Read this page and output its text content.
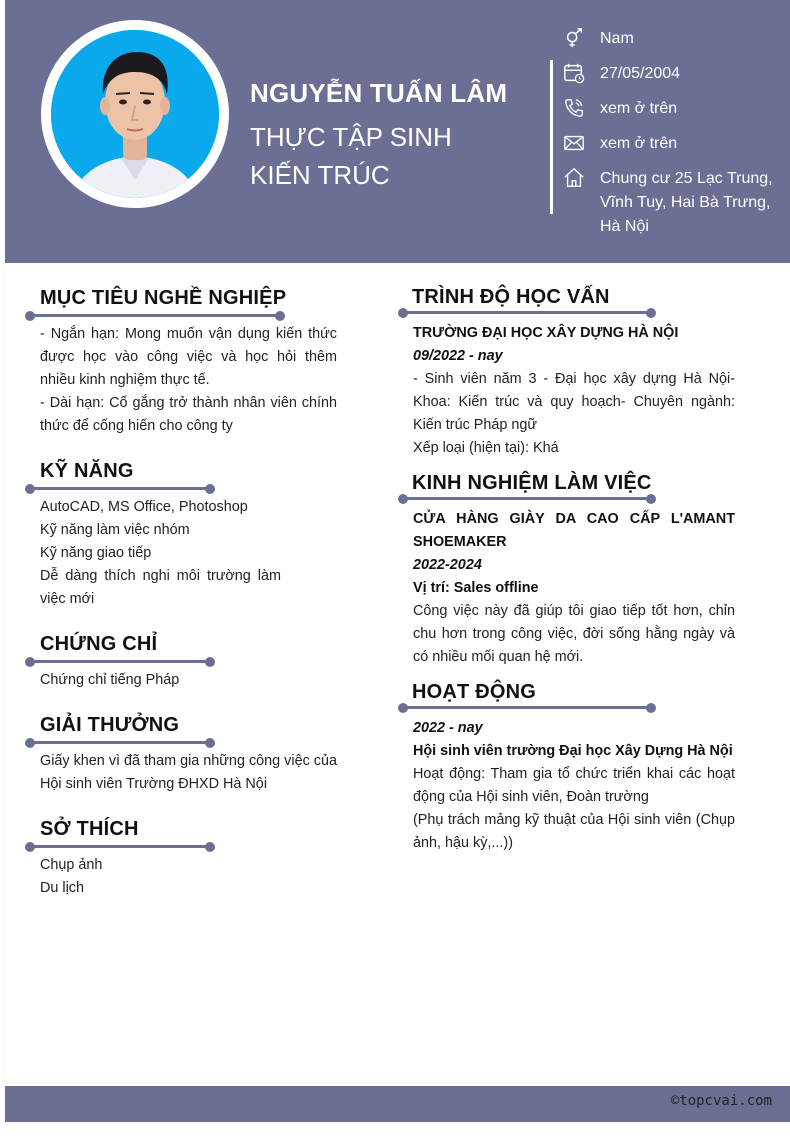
NGUYỄN TUẤN LÂM
THỰC TẬP SINH KIẾN TRÚC
Nam
27/05/2004
xem ở trên
xem ở trên
Chung cư 25 Lạc Trung, Vĩnh Tuy, Hai Bà Trưng, Hà Nội
MỤC TIÊU NGHỀ NGHIỆP
- Ngắn hạn: Mong muốn vận dụng kiến thức được học vào công việc và học hỏi thêm nhiều kinh nghiệm thực tế.
- Dài hạn: Cố gắng trở thành nhân viên chính thức để cống hiến cho công ty
KỸ NĂNG
AutoCAD, MS Office, Photoshop
Kỹ năng làm việc nhóm
Kỹ năng giao tiếp
Dễ dàng thích nghi môi trường làm việc mới
CHỨNG CHỈ
Chứng chỉ tiếng Pháp
GIẢI THƯỞNG
Giấy khen vì đã tham gia những công việc của Hội sinh viên Trường ĐHXD Hà Nội
SỞ THÍCH
Chụp ảnh
Du lịch
TRÌNH ĐỘ HỌC VẤN
TRƯỜNG ĐẠI HỌC XÂY DỰNG HÀ NỘI
09/2022 - nay
- Sinh viên năm 3 - Đại học xây dựng Hà Nội- Khoa: Kiến trúc và quy hoạch- Chuyên ngành: Kiến trúc Pháp ngữ
Xếp loại (hiện tại): Khá
KINH NGHIỆM LÀM VIỆC
CỬA HÀNG GIÀY DA CAO CẤP L'AMANT SHOEMAKER
2022-2024
Vị trí: Sales offline
Công việc này đã giúp tôi giao tiếp tốt hơn, chỉn chu hơn trong công việc, đời sống hằng ngày và có nhiều mối quan hệ mới.
HOẠT ĐỘNG
2022 - nay
Hội sinh viên trường Đại học Xây Dựng Hà Nội
Hoạt động: Tham gia tổ chức triển khai các hoạt động của Hội sinh viên, Đoàn trường
(Phụ trách mảng kỹ thuật của Hội sinh viên (Chụp ảnh, hậu kỳ,...))
©topcvai.com
